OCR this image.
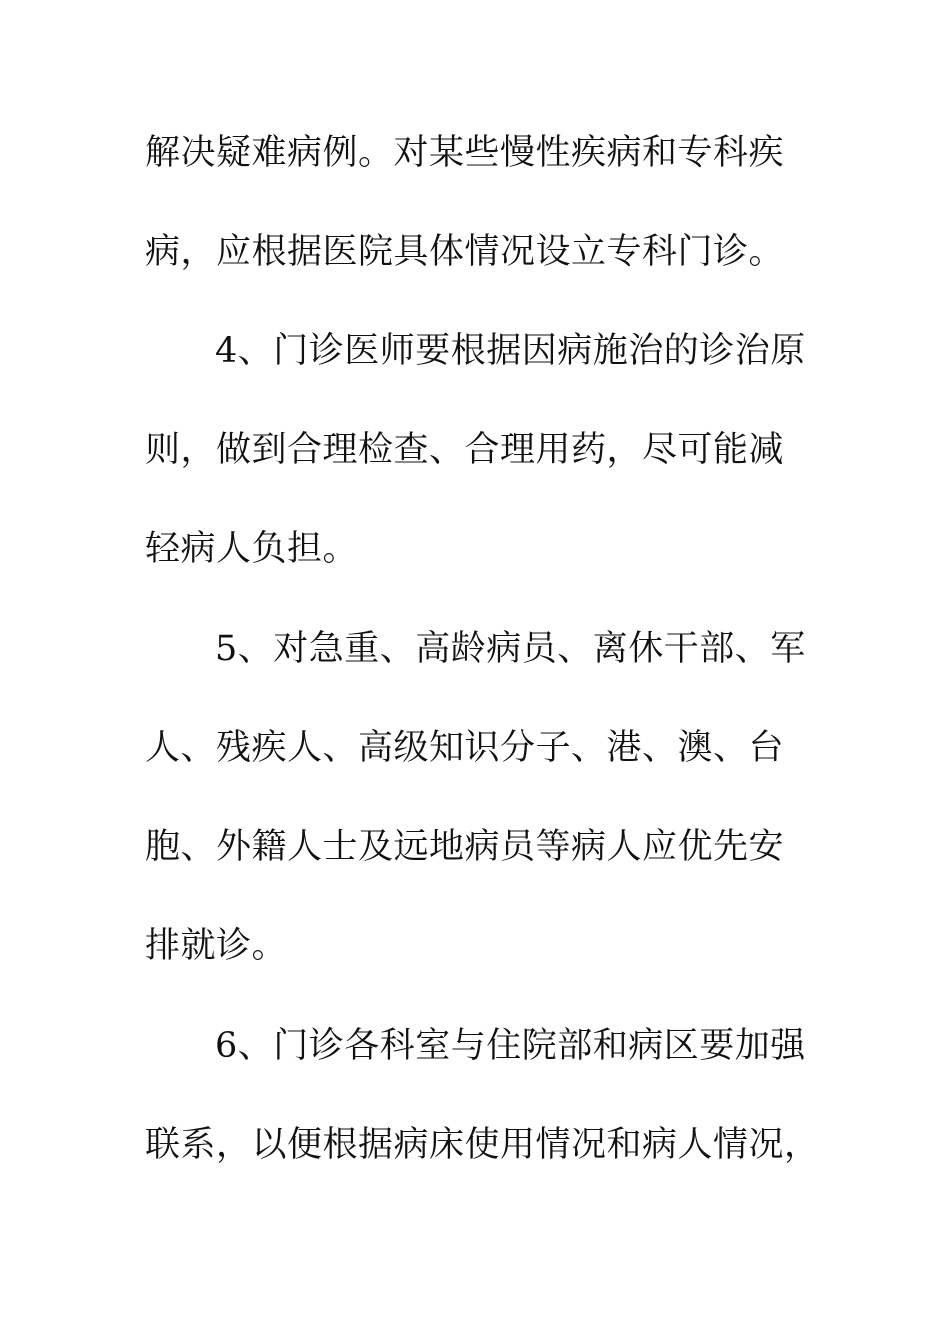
解决疑难病例。对某些慢性疾病和专科疾

病，应根据医院具体情况设立专科门诊。

4、门诊医师要根据因病施治的诊治原

则，做到合理检查、合理用药，尽可能减

轻病人负担。

5、对急重、高龄病员、离休干部、军

人、残疾人、高级知识分子、港、澳、台

胞、外籍人士及远地病员等病人应优先安

排就诊。

6、门诊各科室与住院部和病区要加强

联系，以便根据病床使用情况和病人情况，
